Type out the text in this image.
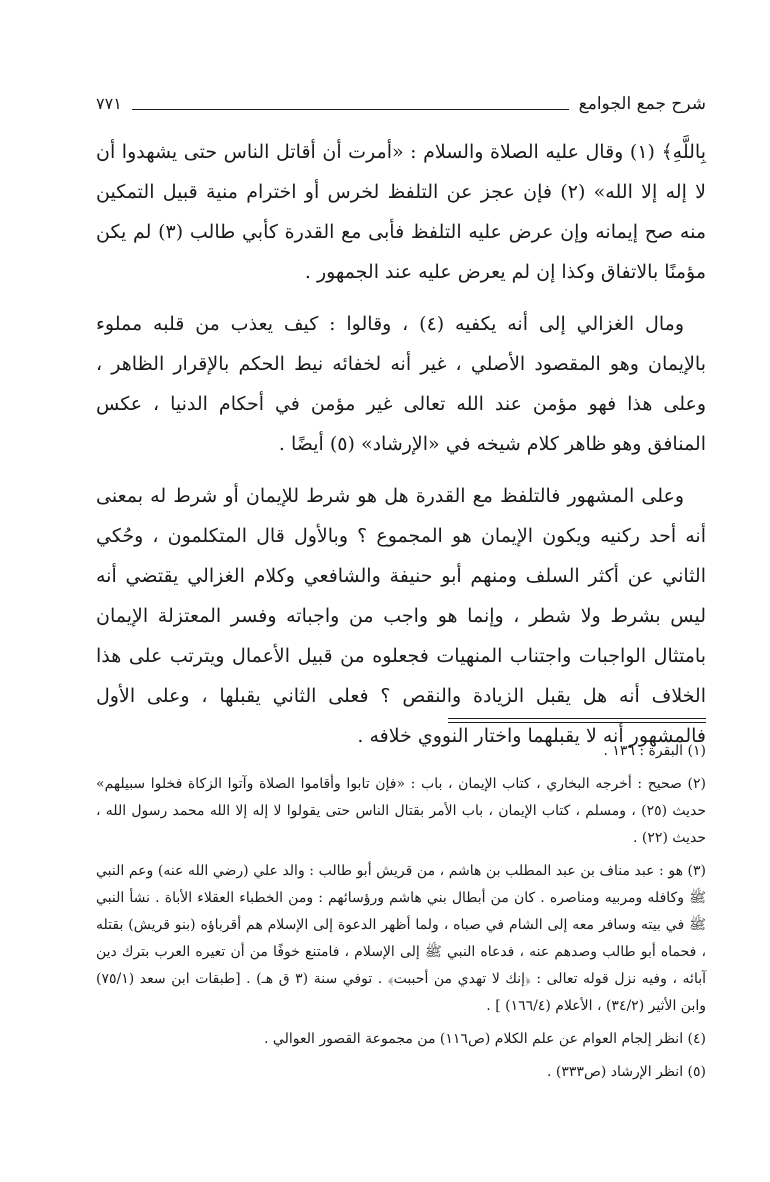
شرح جمع الجوامع
٧٧١

بِاللَّهِ﴾ (١) وقال عليه الصلاة والسلام : «أمرت أن أقاتل الناس حتى يشهدوا أن لا إله إلا الله» (٢) فإن عجز عن التلفظ لخرس أو اخترام منية قبيل التمكين منه صح إيمانه وإن عرض عليه التلفظ فأبى مع القدرة كأبي طالب (٣) لم يكن مؤمنًا بالاتفاق وكذا إن لم يعرض عليه عند الجمهور .

ومال الغزالي إلى أنه يكفيه (٤) ، وقالوا : كيف يعذب من قلبه مملوء بالإيمان وهو المقصود الأصلي ، غير أنه لخفائه نيط الحكم بالإقرار الظاهر ، وعلى هذا فهو مؤمن عند الله تعالى غير مؤمن في أحكام الدنيا ، عكس المنافق وهو ظاهر كلام شيخه في «الإرشاد» (٥) أيضًا .

وعلى المشهور فالتلفظ مع القدرة هل هو شرط للإيمان أو شرط له بمعنى أنه أحد ركنيه ويكون الإيمان هو المجموع ؟ وبالأول قال المتكلمون ، وحُكي الثاني عن أكثر السلف ومنهم أبو حنيفة والشافعي وكلام الغزالي يقتضي أنه ليس بشرط ولا شطر ، وإنما هو واجب من واجباته وفسر المعتزلة الإيمان بامتثال الواجبات واجتناب المنهيات فجعلوه من قبيل الأعمال ويترتب على هذا الخلاف أنه هل يقبل الزيادة والنقص ؟ فعلى الثاني يقبلها ، وعلى الأول فالمشهور أنه لا يقبلهما واختار النووي خلافه .

(١) البقرة : ١٣٦ .

(٢) صحيح : أخرجه البخاري ، كتاب الإيمان ، باب : «فإن تابوا وأقاموا الصلاة وآتوا الزكاة فخلوا سبيلهم» حديث (٢٥) ، ومسلم ، كتاب الإيمان ، باب الأمر بقتال الناس حتى يقولوا لا إله إلا الله محمد رسول الله ، حديث (٢٢) .

(٣) هو : عبد مناف بن عبد المطلب بن هاشم ، من قريش أبو طالب : والد علي (رضي الله عنه) وعم النبي ﷺ وكافله ومربيه ومناصره . كان من أبطال بني هاشم ورؤسائهم : ومن الخطباء العقلاء الأباة . نشأ النبي ﷺ في بيته وسافر معه إلى الشام في صباه ، ولما أظهر الدعوة إلى الإسلام هم أقرباؤه (بنو قريش) بقتله ، فحماه أبو طالب وصدهم عنه ، فدعاه النبي ﷺ إلى الإسلام ، فامتنع خوفًا من أن تعيره العرب بترك دين آبائه ، وفيه نزل قوله تعالى : ﴿إنك لا تهدي من أحببت﴾ . توفي سنة (٣ ق هـ) . [طبقات ابن سعد (٧٥/١) وابن الأثير (٣٤/٢) ، الأعلام (١٦٦/٤) ] .

(٤) انظر إلجام العوام عن علم الكلام (ص١١٦) من مجموعة القصور العوالي .

(٥) انظر الإرشاد (ص٣٣٣) .
